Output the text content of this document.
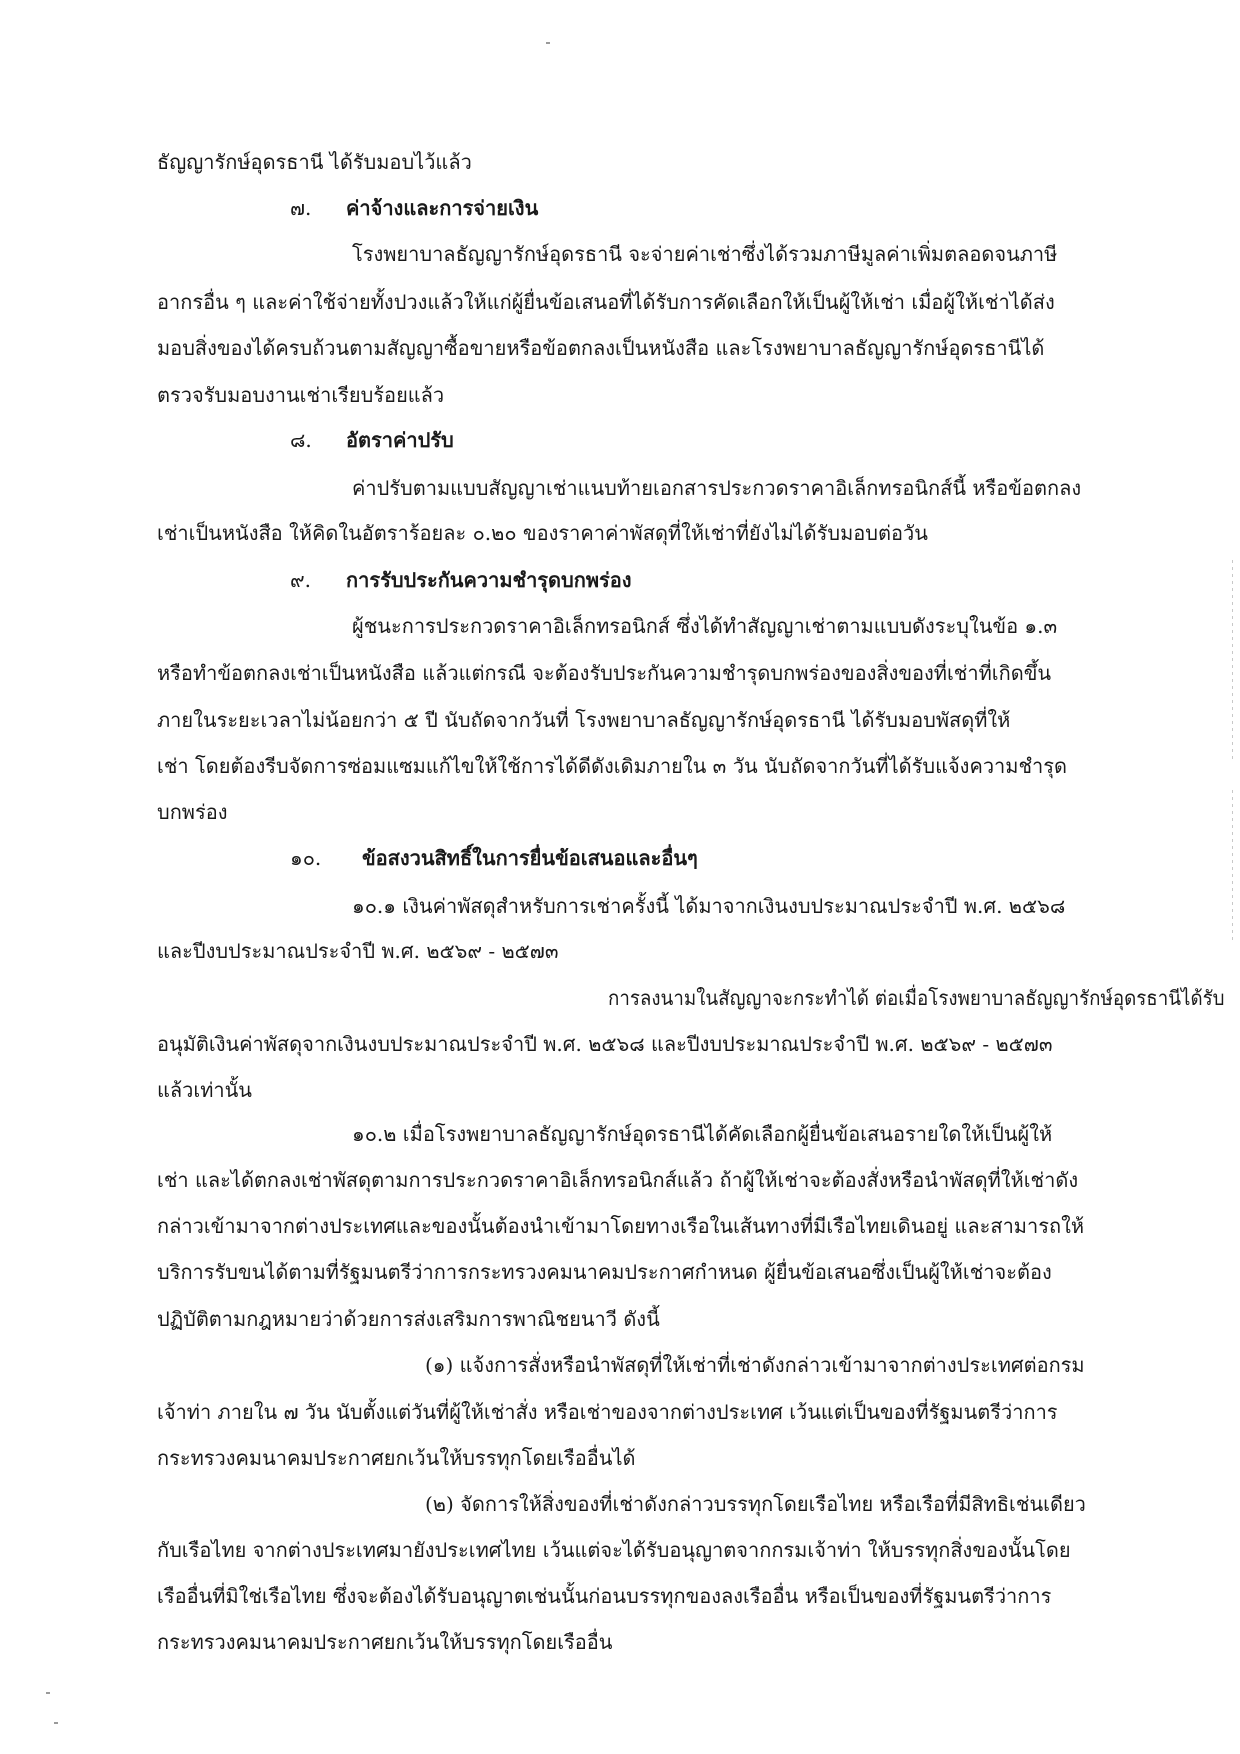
ธัญญารักษ์อุดรธานี ได้รับมอบไว้แล้ว
๗. ค่าจ้างและการจ่ายเงิน
โรงพยาบาลธัญญารักษ์อุดรธานี จะจ่ายค่าเช่าซึ่งได้รวมภาษีมูลค่าเพิ่มตลอดจนภาษี
อากรอื่น ๆ และค่าใช้จ่ายทั้งปวงแล้วให้แก่ผู้ยื่นข้อเสนอที่ได้รับการคัดเลือกให้เป็นผู้ให้เช่า เมื่อผู้ให้เช่าได้ส่ง
มอบสิ่งของได้ครบถ้วนตามสัญญาซื้อขายหรือข้อตกลงเป็นหนังสือ และโรงพยาบาลธัญญารักษ์อุดรธานีได้
ตรวจรับมอบงานเช่าเรียบร้อยแล้ว
๘. อัตราค่าปรับ
ค่าปรับตามแบบสัญญาเช่าแนบท้ายเอกสารประกวดราคาอิเล็กทรอนิกส์นี้ หรือข้อตกลง
เช่าเป็นหนังสือ ให้คิดในอัตราร้อยละ ๐.๒๐ ของราคาค่าพัสดุที่ให้เช่าที่ยังไม่ได้รับมอบต่อวัน
๙. การรับประกันความชำรุดบกพร่อง
ผู้ชนะการประกวดราคาอิเล็กทรอนิกส์ ซึ่งได้ทำสัญญาเช่าตามแบบดังระบุในข้อ ๑.๓
หรือทำข้อตกลงเช่าเป็นหนังสือ แล้วแต่กรณี จะต้องรับประกันความชำรุดบกพร่องของสิ่งของที่เช่าที่เกิดขึ้น
ภายในระยะเวลาไม่น้อยกว่า ๕ ปี นับถัดจากวันที่ โรงพยาบาลธัญญารักษ์อุดรธานี ได้รับมอบพัสดุที่ให้
เช่า โดยต้องรีบจัดการซ่อมแซมแก้ไขให้ใช้การได้ดีดังเดิมภายใน ๓ วัน นับถัดจากวันที่ได้รับแจ้งความชำรุด
บกพร่อง
๑๐. ข้อสงวนสิทธิ์ในการยื่นข้อเสนอและอื่นๆ
๑๐.๑ เงินค่าพัสดุสำหรับการเช่าครั้งนี้ ได้มาจากเงินงบประมาณประจำปี พ.ศ. ๒๕๖๘
และปีงบประมาณประจำปี พ.ศ. ๒๕๖๙ - ๒๕๗๓
การลงนามในสัญญาจะกระทำได้ ต่อเมื่อโรงพยาบาลธัญญารักษ์อุดรธานีได้รับ
อนุมัติเงินค่าพัสดุจากเงินงบประมาณประจำปี พ.ศ. ๒๕๖๘ และปีงบประมาณประจำปี พ.ศ. ๒๕๖๙ - ๒๕๗๓
แล้วเท่านั้น
๑๐.๒ เมื่อโรงพยาบาลธัญญารักษ์อุดรธานีได้คัดเลือกผู้ยื่นข้อเสนอรายใดให้เป็นผู้ให้
เช่า และได้ตกลงเช่าพัสดุตามการประกวดราคาอิเล็กทรอนิกส์แล้ว ถ้าผู้ให้เช่าจะต้องสั่งหรือนำพัสดุที่ให้เช่าดัง
กล่าวเข้ามาจากต่างประเทศและของนั้นต้องนำเข้ามาโดยทางเรือในเส้นทางที่มีเรือไทยเดินอยู่ และสามารถให้
บริการรับขนได้ตามที่รัฐมนตรีว่าการกระทรวงคมนาคมประกาศกำหนด ผู้ยื่นข้อเสนอซึ่งเป็นผู้ให้เช่าจะต้อง
ปฏิบัติตามกฎหมายว่าด้วยการส่งเสริมการพาณิชยนาวี ดังนี้
(๑) แจ้งการสั่งหรือนำพัสดุที่ให้เช่าที่เช่าดังกล่าวเข้ามาจากต่างประเทศต่อกรม
เจ้าท่า ภายใน ๗ วัน นับตั้งแต่วันที่ผู้ให้เช่าสั่ง หรือเช่าของจากต่างประเทศ เว้นแต่เป็นของที่รัฐมนตรีว่าการ
กระทรวงคมนาคมประกาศยกเว้นให้บรรทุกโดยเรืออื่นได้
(๒) จัดการให้สิ่งของที่เช่าดังกล่าวบรรทุกโดยเรือไทย หรือเรือที่มีสิทธิเช่นเดียว
กับเรือไทย จากต่างประเทศมายังประเทศไทย เว้นแต่จะได้รับอนุญาตจากกรมเจ้าท่า ให้บรรทุกสิ่งของนั้นโดย
เรืออื่นที่มิใช่เรือไทย ซึ่งจะต้องได้รับอนุญาตเช่นนั้นก่อนบรรทุกของลงเรืออื่น หรือเป็นของที่รัฐมนตรีว่าการ
กระทรวงคมนาคมประกาศยกเว้นให้บรรทุกโดยเรืออื่น
